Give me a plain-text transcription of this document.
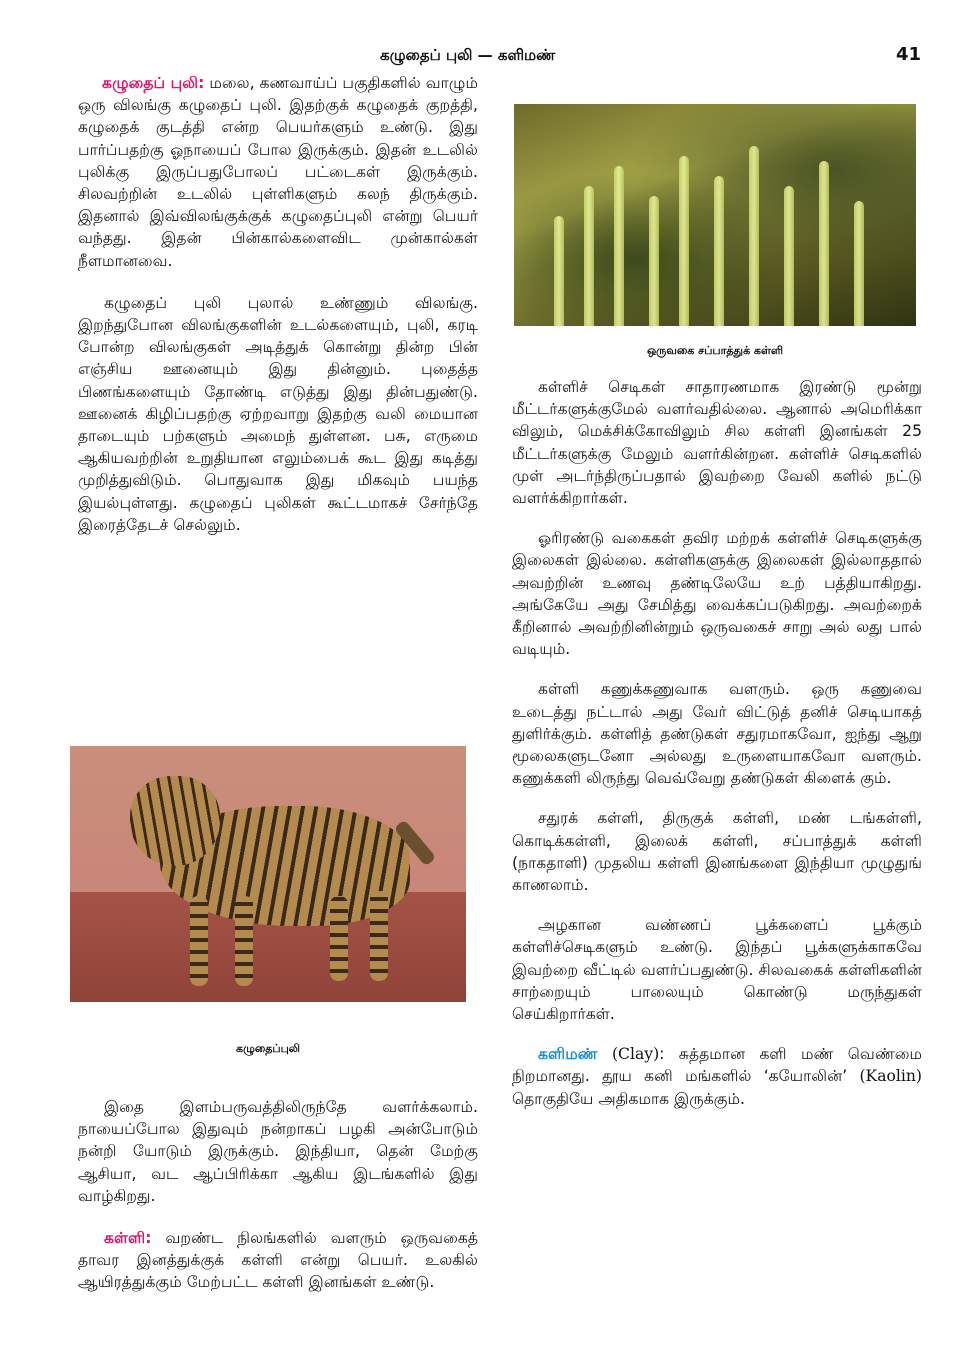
கழுதைப் புலி — களிமண்	41

கழுதைப் புலி: மலை, கணவாய்ப் பகுதிகளில் வாழும் ஒரு விலங்கு கழுதைப் புலி. இதற்குக் கழுதைக் குறத்தி, கழுதைக் குடத்தி என்ற பெயர்களும் உண்டு. இது பார்ப்பதற்கு ஓநாயைப் போல இருக்கும். இதன் உடலில் புலிக்கு இருப்பதுபோலப் பட்டைகள் இருக்கும். சிலவற்றின் உடலில் புள்ளிகளும் கலந் திருக்கும். இதனால் இவ்விலங்குக்குக் கழுதைப்புலி என்று பெயர் வந்தது. இதன் பின்கால்களைவிட முன்கால்கள் நீளமானவை.

கழுதைப் புலி புலால் உண்ணும் விலங்கு. இறந்துபோன விலங்குகளின் உடல்களையும், புலி, கரடி போன்ற விலங்குகள் அடித்துக் கொன்று தின்ற பின் எஞ்சிய ஊனையும் இது தின்னும். புதைத்த பிணங்களையும் தோண்டி எடுத்து இது தின்பதுண்டு. ஊனைக் கிழிப்பதற்கு ஏற்றவாறு இதற்கு வலி மையான தாடையும் பற்களும் அமைந் துள்ளன. பசு, எருமை ஆகியவற்றின் உறுதியான எலும்பைக் கூட இது கடித்து முறித்துவிடும். பொதுவாக இது மிகவும் பயந்த இயல்புள்ளது. கழுதைப் புலிகள் கூட்டமாகச் சேர்ந்தே இரைத்தேடச் செல்லும்.

கழுதைப்புலி

இதை இளம்பருவத்திலிருந்தே வளர்க்கலாம். நாயைப்போல இதுவும் நன்றாகப் பழகி அன்போடும் நன்றி யோடும் இருக்கும். இந்தியா, தென் மேற்கு ஆசியா, வட ஆப்பிரிக்கா ஆகிய இடங்களில் இது வாழ்கிறது.

கள்ளி: வறண்ட நிலங்களில் வளரும் ஒருவகைத் தாவர இனத்துக்குக் கள்ளி என்று பெயர். உலகில் ஆயிரத்துக்கும் மேற்பட்ட கள்ளி இனங்கள் உண்டு.

ஒருவகை சப்பாத்துக் கள்ளி

கள்ளிச் செடிகள் சாதாரணமாக இரண்டு மூன்று மீட்டர்களுக்குமேல் வளர்வதில்லை. ஆனால் அமெரிக்கா விலும், மெக்சிக்கோவிலும் சில கள்ளி இனங்கள் 25 மீட்டர்களுக்கு மேலும் வளர்கின்றன. கள்ளிச் செடிகளில் முள் அடர்ந்திருப்பதால் இவற்றை வேலி களில் நட்டு வளர்க்கிறார்கள்.

ஓரிரண்டு வகைகள் தவிர மற்றக் கள்ளிச் செடிகளுக்கு இலைகள் இல்லை. கள்ளிகளுக்கு இலைகள் இல்லாததால் அவற்றின் உணவு தண்டிலேயே உற் பத்தியாகிறது. அங்கேயே அது சேமித்து வைக்கப்படுகிறது. அவற்றைக் கீறினால் அவற்றினின்றும் ஒருவகைச் சாறு அல் லது பால் வடியும்.

கள்ளி கணுக்கணுவாக வளரும். ஒரு கணுவை உடைத்து நட்டால் அது வேர் விட்டுத் தனிச் செடியாகத் துளிர்க்கும். கள்ளித் தண்டுகள் சதுரமாகவோ, ஐந்து ஆறு மூலைகளுடனோ அல்லது உருளையாகவோ வளரும். கணுக்களி லிருந்து வெவ்வேறு தண்டுகள் கிளைக் கும்.

சதுரக் கள்ளி, திருகுக் கள்ளி, மண் டங்கள்ளி, கொடிக்கள்ளி, இலைக் கள்ளி, சப்பாத்துக் கள்ளி (நாகதாளி) முதலிய கள்ளி இனங்களை இந்தியா முழுதுங் காணலாம்.

அழகான வண்ணப் பூக்களைப் பூக்கும் கள்ளிச்செடிகளும் உண்டு. இந்தப் பூக்களுக்காகவே இவற்றை வீட்டில் வளர்ப்பதுண்டு. சிலவகைக் கள்ளிகளின் சாற்றையும் பாலையும் கொண்டு மருந்துகள் செய்கிறார்கள்.

களிமண் (Clay): சுத்தமான களி மண் வெண்மை நிறமானது. தூய கனி மங்களில் ‘கயோலின்’ (Kaolin) தொகுதியே அதிகமாக இருக்கும்.
